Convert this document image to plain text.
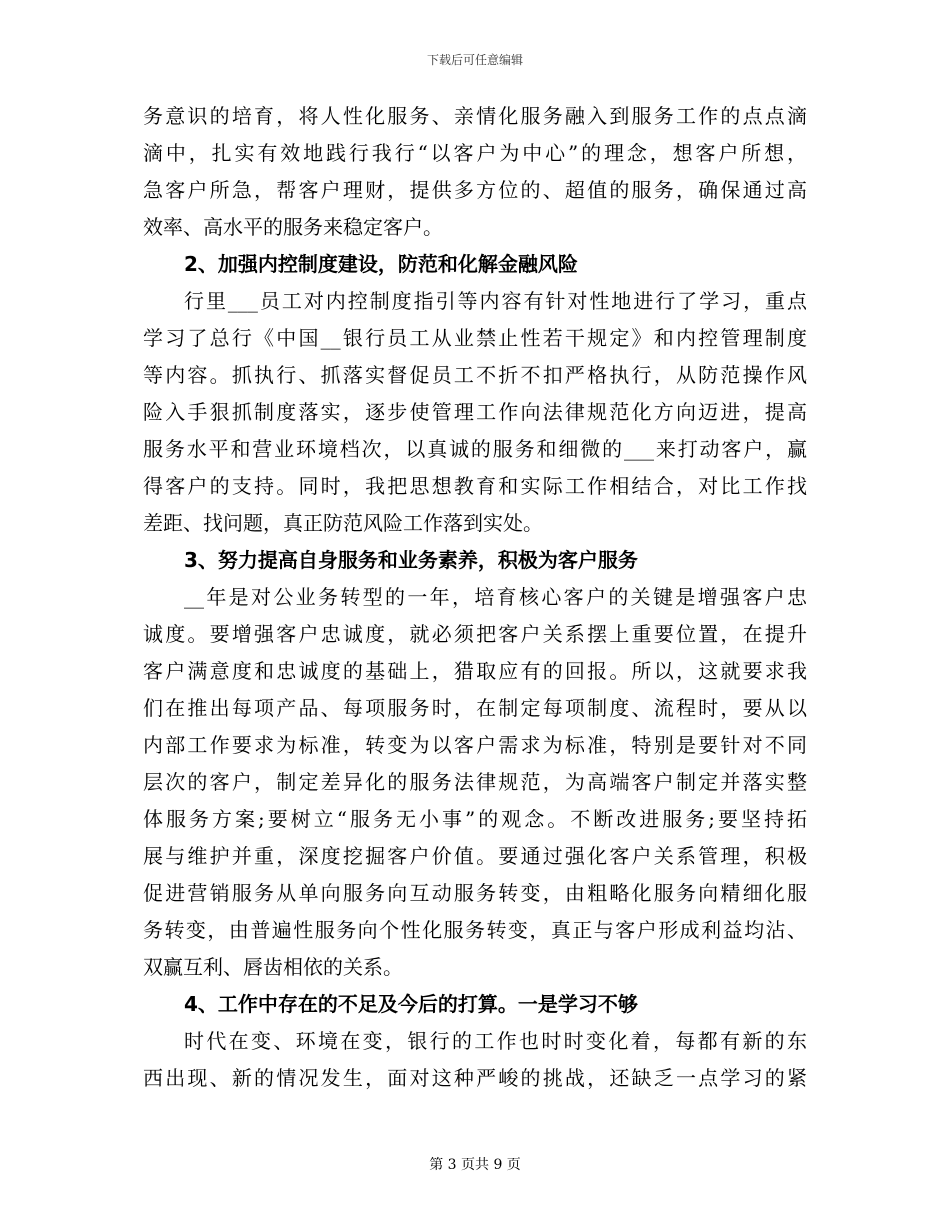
下载后可任意编辑
务意识的培育，将人性化服务、亲情化服务融入到服务工作的点点滴
滴中，扎实有效地践行我行“以客户为中心”的理念，想客户所想，
急客户所急，帮客户理财，提供多方位的、超值的服务，确保通过高
效率、高水平的服务来稳定客户。
2、加强内控制度建设，防范和化解金融风险
行里___员工对内控制度指引等内容有针对性地进行了学习，重点
学习了总行《中国__银行员工从业禁止性若干规定》和内控管理制度
等内容。抓执行、抓落实督促员工不折不扣严格执行，从防范操作风
险入手狠抓制度落实，逐步使管理工作向法律规范化方向迈进，提高
服务水平和营业环境档次，以真诚的服务和细微的___来打动客户，赢
得客户的支持。同时，我把思想教育和实际工作相结合，对比工作找
差距、找问题，真正防范风险工作落到实处。
3、努力提高自身服务和业务素养，积极为客户服务
__年是对公业务转型的一年，培育核心客户的关键是增强客户忠
诚度。要增强客户忠诚度，就必须把客户关系摆上重要位置，在提升
客户满意度和忠诚度的基础上，猎取应有的回报。所以，这就要求我
们在推出每项产品、每项服务时，在制定每项制度、流程时，要从以
内部工作要求为标准，转变为以客户需求为标准，特别是要针对不同
层次的客户，制定差异化的服务法律规范，为高端客户制定并落实整
体服务方案;要树立“服务无小事”的观念。不断改进服务;要坚持拓
展与维护并重，深度挖掘客户价值。要通过强化客户关系管理，积极
促进营销服务从单向服务向互动服务转变，由粗略化服务向精细化服
务转变，由普遍性服务向个性化服务转变，真正与客户形成利益均沾、
双赢互利、唇齿相依的关系。
4、工作中存在的不足及今后的打算。一是学习不够
时代在变、环境在变，银行的工作也时时变化着，每都有新的东
西出现、新的情况发生，面对这种严峻的挑战，还缺乏一点学习的紧
第 3 页共 9 页
